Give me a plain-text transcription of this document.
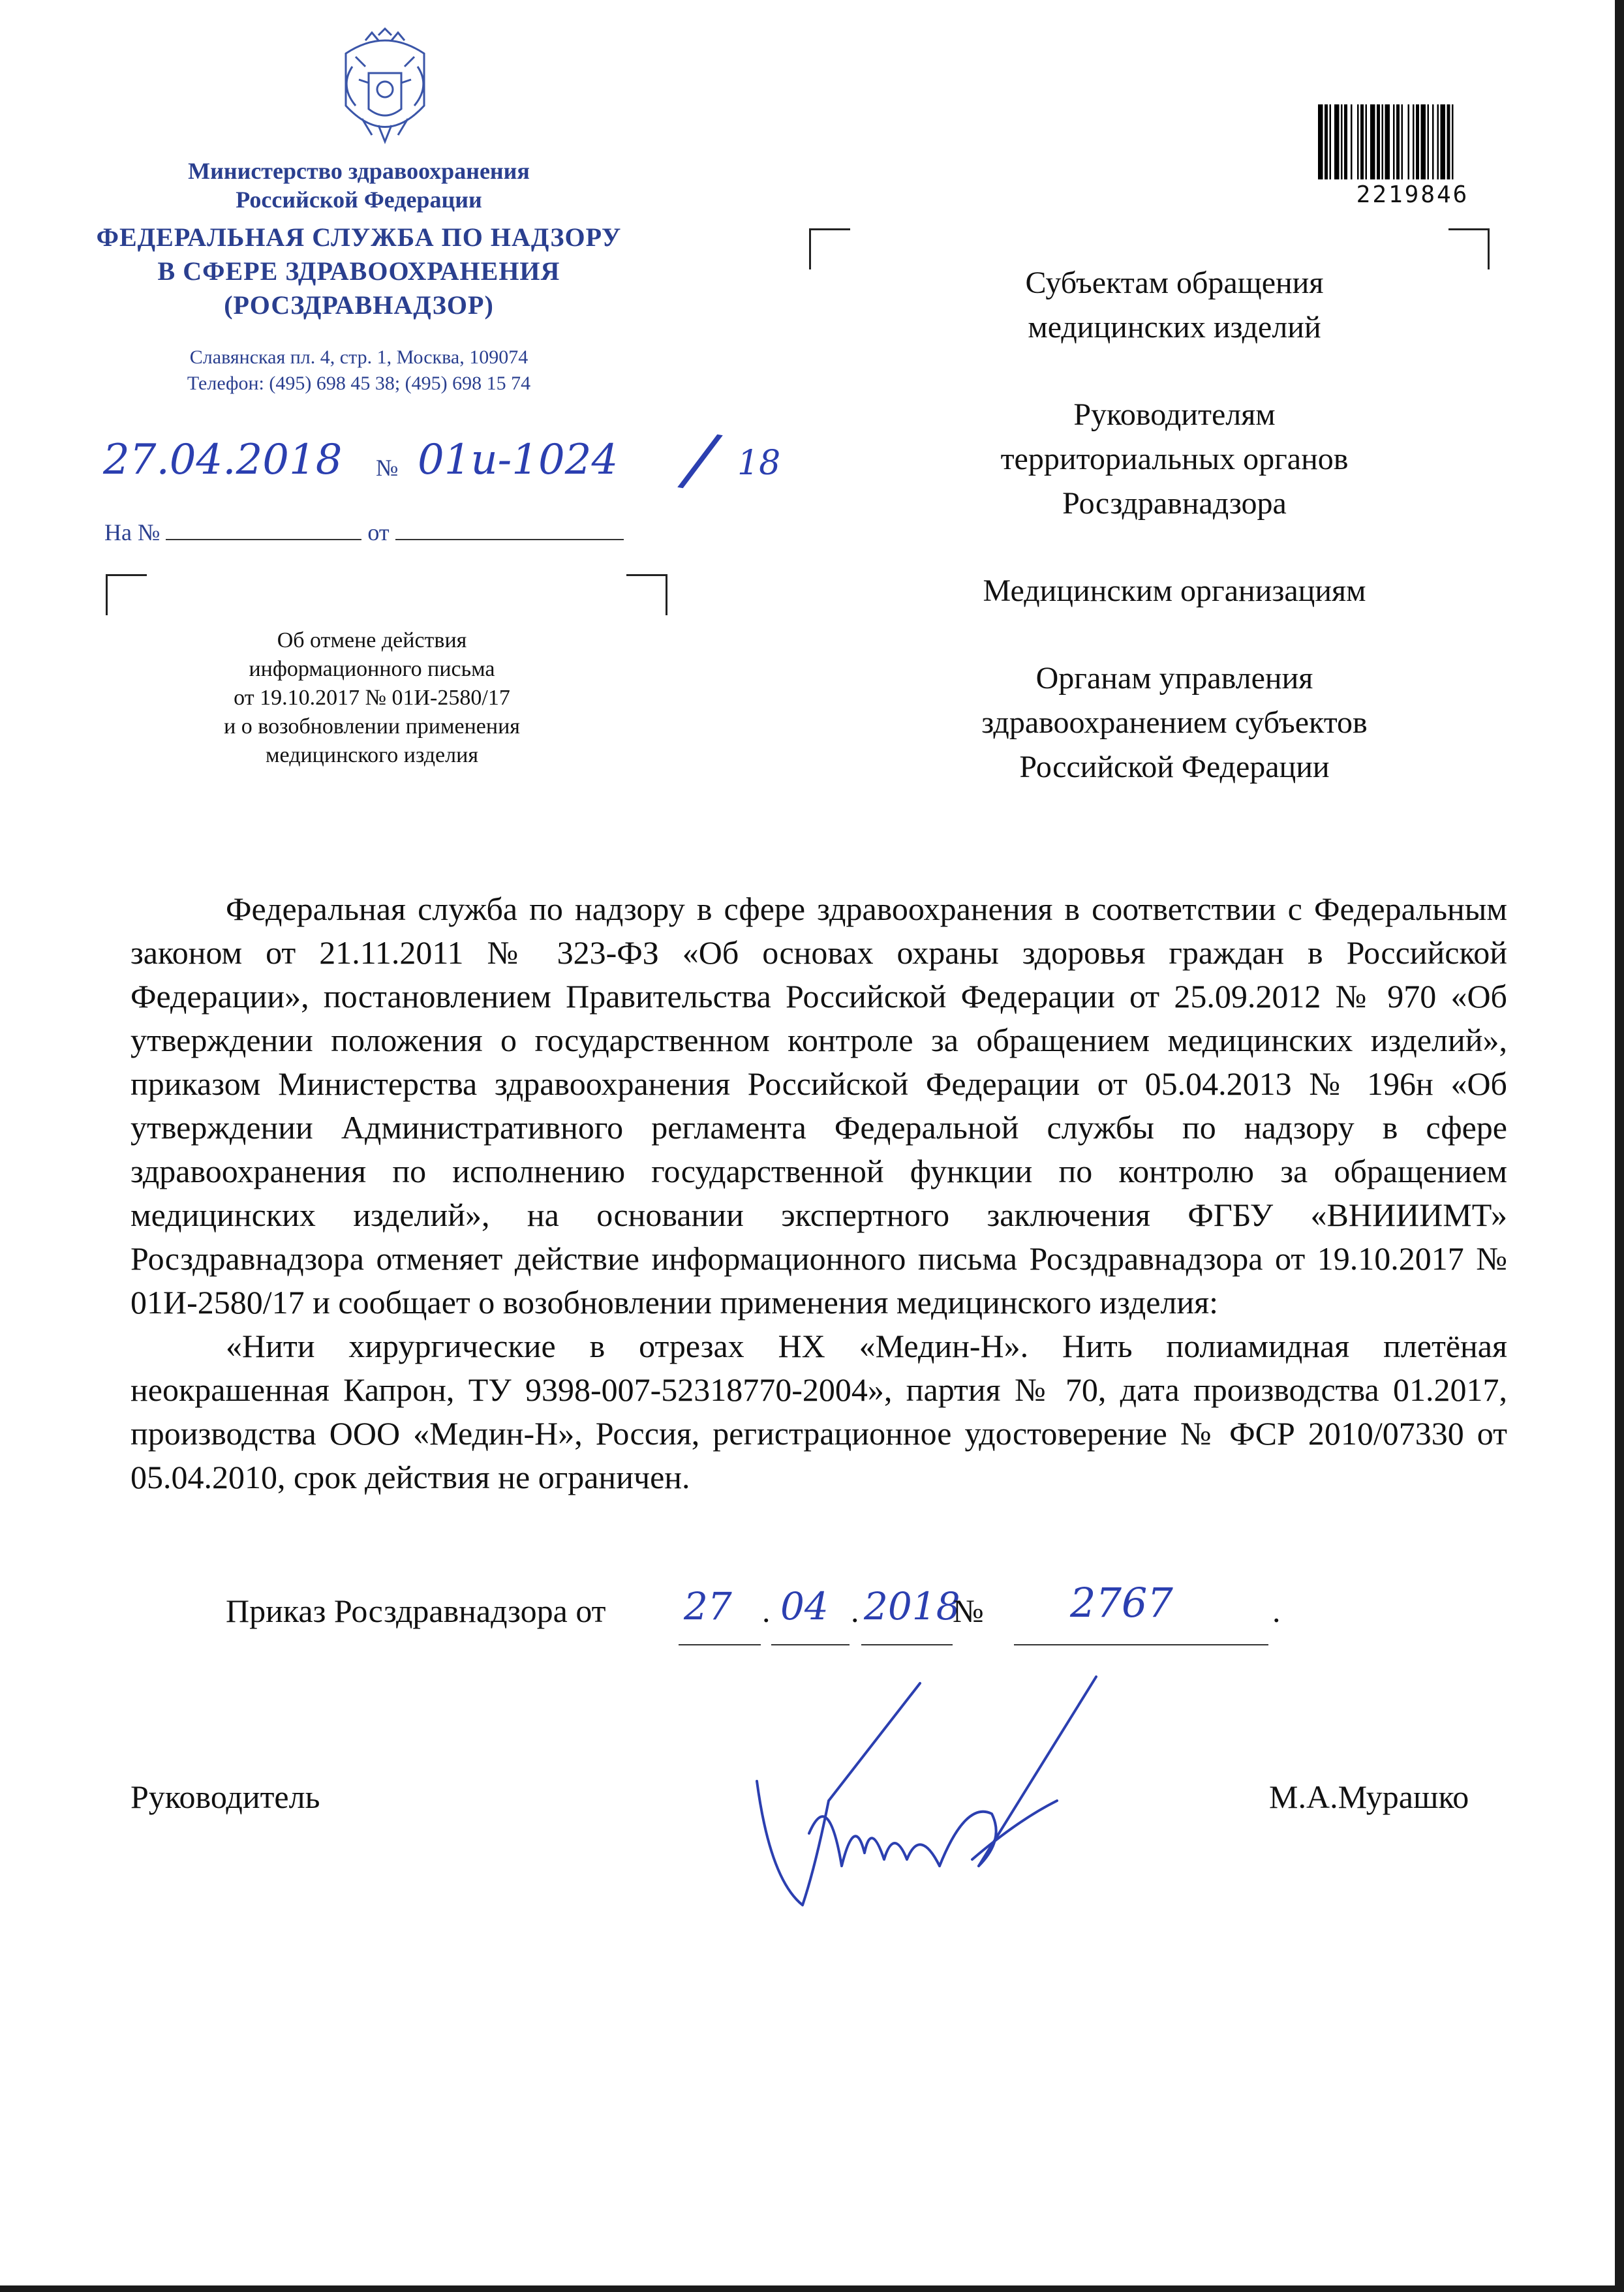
Министерство здравоохранения
Российской Федерации
ФЕДЕРАЛЬНАЯ СЛУЖБА ПО НАДЗОРУ
В СФЕРЕ ЗДРАВООХРАНЕНИЯ
(РОСЗДРАВНАДЗОР)
Славянская пл. 4, стр. 1, Москва, 109074
Телефон: (495) 698 45 38; (495) 698 15 74
27.04.2018 № 01и-1024 / 18
На №	от
Об отмене действия
информационного письма
от 19.10.2017 № 01И-2580/17
и о возобновлении применения
медицинского изделия
2219846

Субъектам обращения
медицинских изделий

Руководителям
территориальных органов
Росздравнадзора

Медицинским организациям

Органам управления
здравоохранением субъектов
Российской Федерации

Федеральная служба по надзору в сфере здравоохранения в соответствии с Федеральным законом от 21.11.2011 № 323-ФЗ «Об основах охраны здоровья граждан в Российской Федерации», постановлением Правительства Российской Федерации от 25.09.2012 № 970 «Об утверждении положения о государственном контроле за обращением медицинских изделий», приказом Министерства здравоохранения Российской Федерации от 05.04.2013 № 196н «Об утверждении Административного регламента Федеральной службы по надзору в сфере здравоохранения по исполнению государственной функции по контролю за обращением медицинских изделий», на основании экспертного заключения ФГБУ «ВНИИИМТ» Росздравнадзора отменяет действие информационного письма Росздравнадзора от 19.10.2017 № 01И-2580/17 и сообщает о возобновлении применения медицинского изделия:

«Нити хирургические в отрезах НХ «Медин-Н». Нить полиамидная плетёная неокрашенная Капрон, ТУ 9398-007-52318770-2004», партия № 70, дата производства 01.2017, производства ООО «Медин-Н», Россия, регистрационное удостоверение № ФСР 2010/07330 от 05.04.2010, срок действия не ограничен.

Приказ Росздравнадзора от 27 . 04 . 2018
№ 2767	.
Руководитель	М.А.Мурашко
